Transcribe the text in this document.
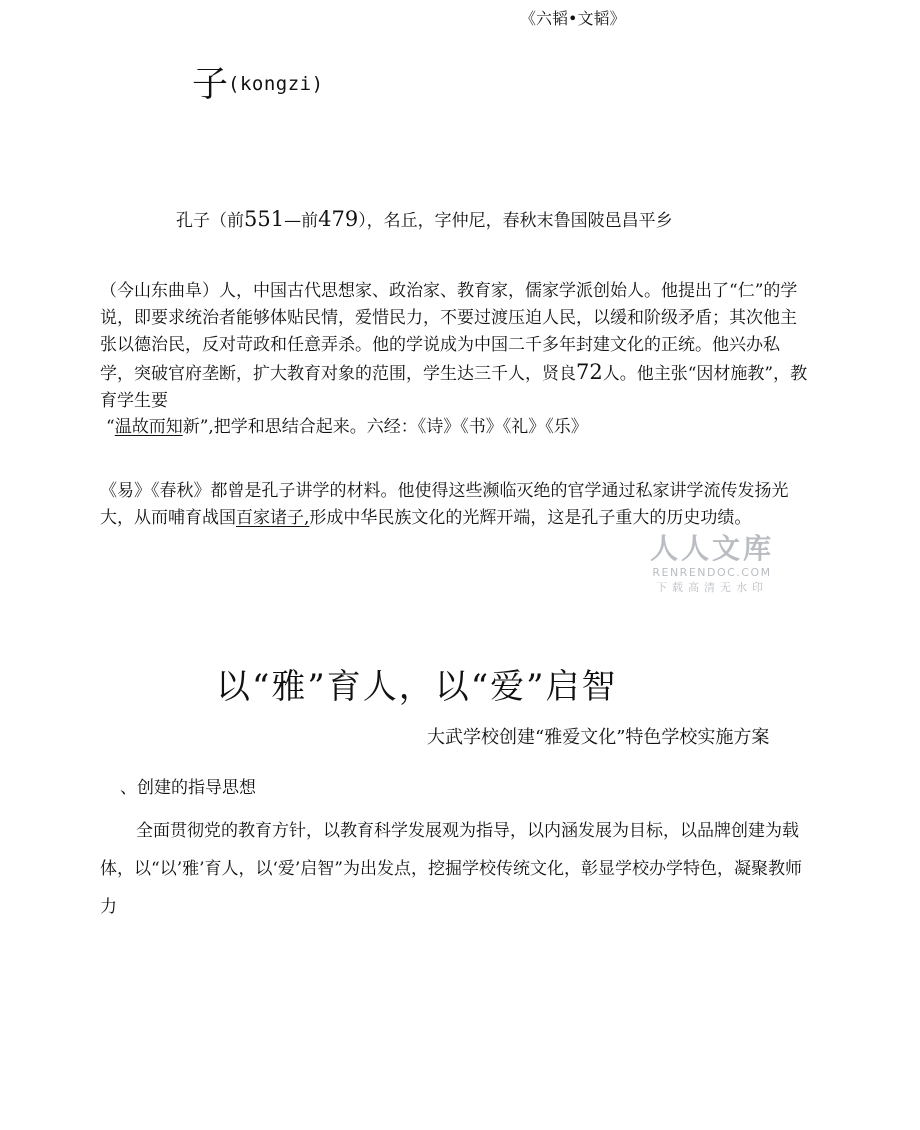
《六韬•文韬》
子(kongzi)
孔子（前551—前479），名丘，字仲尼，春秋末鲁国陂邑昌平乡
（今山东曲阜）人，中国古代思想家、政治家、教育家，儒家学派创始人。他提出了“仁”的学说，即要求统治者能够体贴民情，爱惜民力，不要过渡压迫人民，以缓和阶级矛盾；其次他主张以德治民，反对苛政和任意弄杀。他的学说成为中国二千多年封建文化的正统。他兴办私学，突破官府垄断，扩大教育对象的范围，学生达三千人，贤良72人。他主张“因材施教”，教育学生要
“温故而知新”,把学和思结合起来。六经：《诗》《书》《礼》《乐》
《易》《春秋》都曾是孔子讲学的材料。他使得这些濒临灭绝的官学通过私家讲学流传发扬光大，从而哺育战国百家诸子,形成中华民族文化的光辉开端，这是孔子重大的历史功绩。
人人文库
RENRENDOC.COM
下载高清无水印
以“雅”育人，以“爱”启智
大武学校创建“雅爱文化”特色学校实施方案
、创建的指导思想
全面贯彻党的教育方针，以教育科学发展观为指导，以内涵发展为目标，以品牌创建为载体，以“以’雅’育人，以‘爱’启智”为出发点，挖掘学校传统文化，彰显学校办学特色，凝聚教师力
